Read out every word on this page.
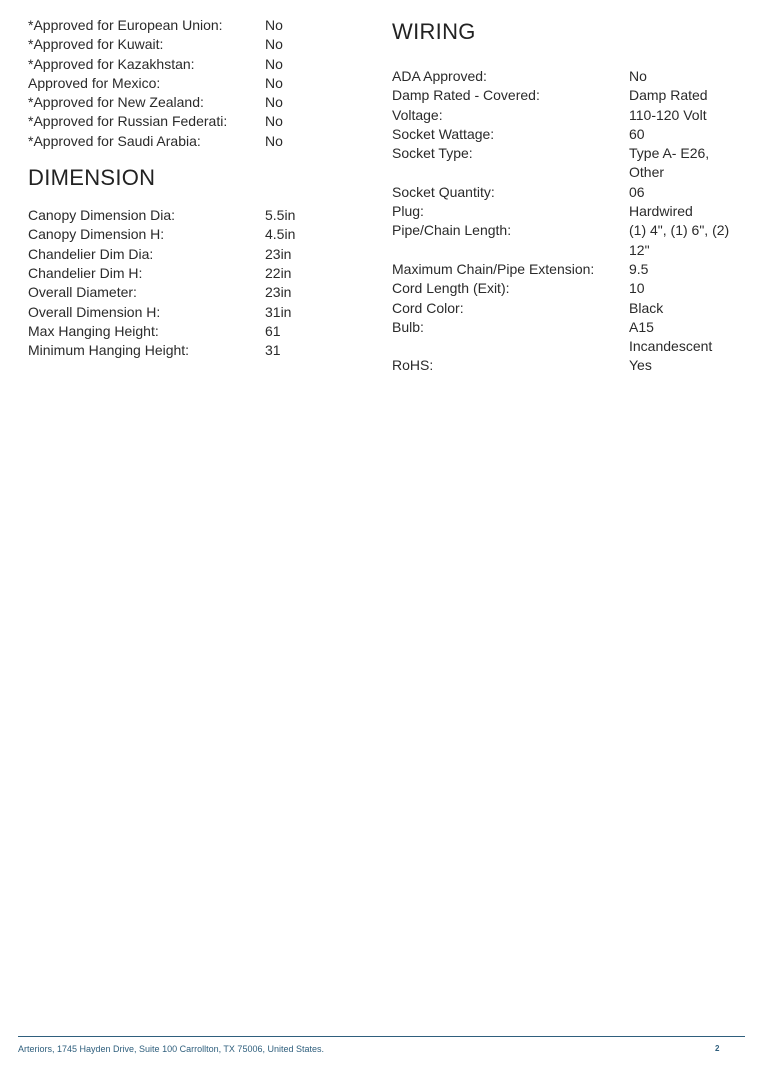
*Approved for European Union:	No
*Approved for Kuwait:	No
*Approved for Kazakhstan:	No
Approved for Mexico:	No
*Approved for New Zealand:	No
*Approved for Russian Federati:	No
*Approved for Saudi Arabia:	No
DIMENSION
Canopy Dimension Dia:	5.5in
Canopy Dimension H:	4.5in
Chandelier Dim Dia:	23in
Chandelier Dim H:	22in
Overall Diameter:	23in
Overall Dimension H:	31in
Max Hanging Height:	61
Minimum Hanging Height:	31
WIRING
ADA Approved:	No
Damp Rated - Covered:	Damp Rated
Voltage:	110-120 Volt
Socket Wattage:	60
Socket Type:	Type A- E26, Other
Socket Quantity:	06
Plug:	Hardwired
Pipe/Chain Length:	(1) 4", (1) 6", (2) 12"
Maximum Chain/Pipe Extension:	9.5
Cord Length (Exit):	10
Cord Color:	Black
Bulb:	A15 Incandescent
RoHS:	Yes
Arteriors, 1745 Hayden Drive, Suite 100 Carrollton, TX 75006, United States.	2
